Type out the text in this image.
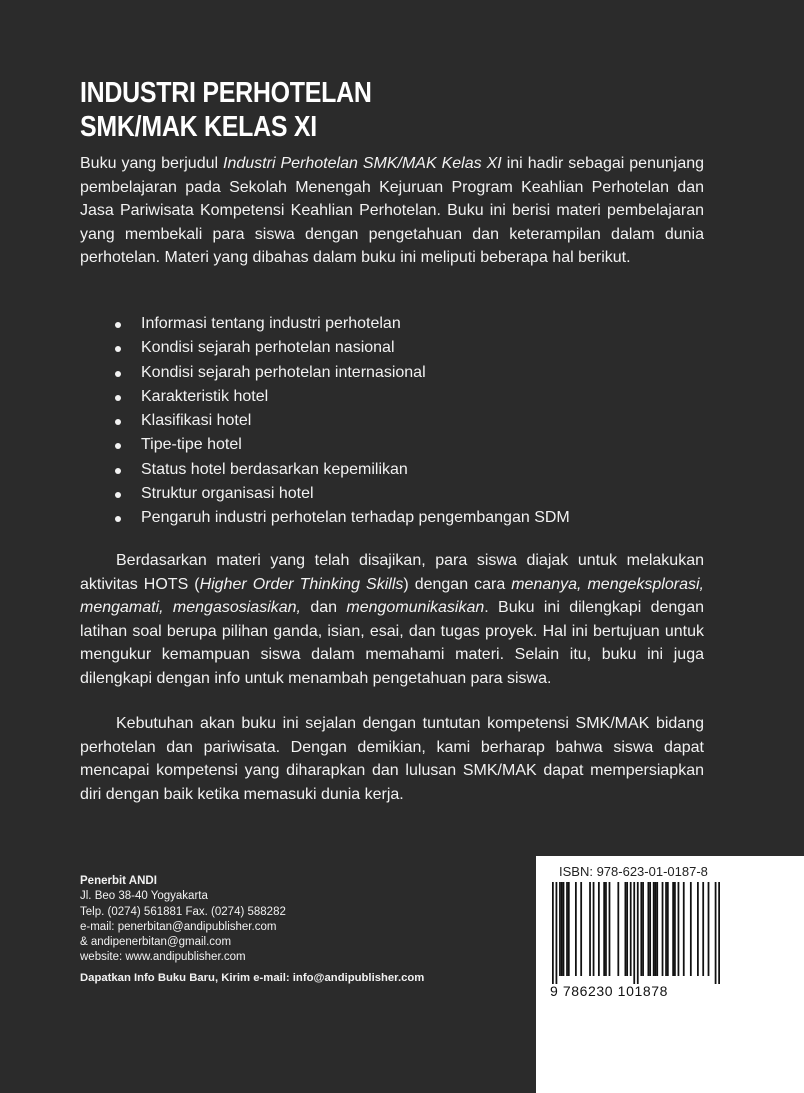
INDUSTRI PERHOTELAN
SMK/MAK KELAS XI
Buku yang berjudul Industri Perhotelan SMK/MAK Kelas XI ini hadir sebagai penunjang pembelajaran pada Sekolah Menengah Kejuruan Program Keahlian Perhotelan dan Jasa Pariwisata Kompetensi Keahlian Perhotelan. Buku ini berisi materi pembelajaran yang membekali para siswa dengan pengetahuan dan keterampilan dalam dunia perhotelan. Materi yang dibahas dalam buku ini meliputi beberapa hal berikut.
Informasi tentang industri perhotelan
Kondisi sejarah perhotelan nasional
Kondisi sejarah perhotelan internasional
Karakteristik hotel
Klasifikasi hotel
Tipe-tipe hotel
Status hotel berdasarkan kepemilikan
Struktur organisasi hotel
Pengaruh industri perhotelan terhadap pengembangan SDM
Berdasarkan materi yang telah disajikan, para siswa diajak untuk melakukan aktivitas HOTS (Higher Order Thinking Skills) dengan cara menanya, mengeksplorasi, mengamati, mengasosiasikan, dan mengomunikasikan. Buku ini dilengkapi dengan latihan soal berupa pilihan ganda, isian, esai, dan tugas proyek. Hal ini bertujuan untuk mengukur kemampuan siswa dalam memahami materi. Selain itu, buku ini juga dilengkapi dengan info untuk menambah pengetahuan para siswa.
Kebutuhan akan buku ini sejalan dengan tuntutan kompetensi SMK/MAK bidang perhotelan dan pariwisata. Dengan demikian, kami berharap bahwa siswa dapat mencapai kompetensi yang diharapkan dan lulusan SMK/MAK dapat mempersiapkan diri dengan baik ketika memasuki dunia kerja.
Penerbit ANDI
Jl. Beo 38-40 Yogyakarta
Telp. (0274) 561881 Fax. (0274) 588282
e-mail: penerbitan@andipublisher.com
& andipenerbitan@gmail.com
website: www.andipublisher.com
Dapatkan Info Buku Baru, Kirim e-mail: info@andipublisher.com
ISBN: 978-623-01-0187-8
9 786230 101878
